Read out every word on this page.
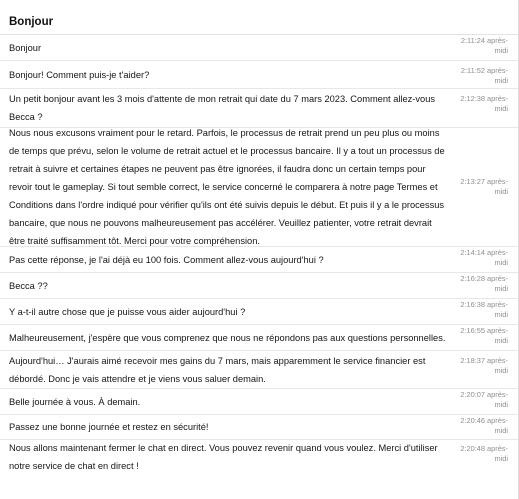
Bonjour
Bonjour
2:11:24 après-midi
Bonjour! Comment puis-je t'aider?	2:11:52 après-midi
Un petit bonjour avant les 3 mois d'attente de mon retrait qui date du 7 mars 2023. Comment allez-vous Becca ?
2:12:38 après-midi
Nous nous excusons vraiment pour le retard. Parfois, le processus de retrait prend un peu plus ou moins de temps que prévu, selon le volume de retrait actuel et le processus bancaire. Il y a tout un processus de retrait à suivre et certaines étapes ne peuvent pas être ignorées, il faudra donc un certain temps pour revoir tout le gameplay. Si tout semble correct, le service concerné le comparera à notre page Termes et Conditions dans l'ordre indiqué pour vérifier qu'ils ont été suivis depuis le début. Et puis il y a le processus bancaire, que nous ne pouvons malheureusement pas accélérer. Veuillez patienter, votre retrait devrait être traité suffisamment tôt. Merci pour votre compréhension.
2:13:27 après-midi
Pas cette réponse, je l'ai déjà eu 100 fois. Comment allez-vous aujourd'hui ?
2:14:14 après-midi
Becca ??
2:16:28 après-midi
Y a-t-il autre chose que je puisse vous aider aujourd'hui ?
2:16:38 après-midi
Malheureusement, j'espère que vous comprenez que nous ne répondons pas aux questions personnelles.
2:16:55 après-midi
Aujourd'hui… J'aurais aimé recevoir mes gains du 7 mars, mais apparemment le service financier est débordé. Donc je vais attendre et je viens vous saluer demain.
2:18:37 après-midi
Belle journée à vous. À demain.
2:20:07 après-midi
Passez une bonne journée et restez en sécurité!
2:20:46 après-midi
Nous allons maintenant fermer le chat en direct. Vous pouvez revenir quand vous voulez. Merci d'utiliser notre service de chat en direct !
2:20:48 après-midi
